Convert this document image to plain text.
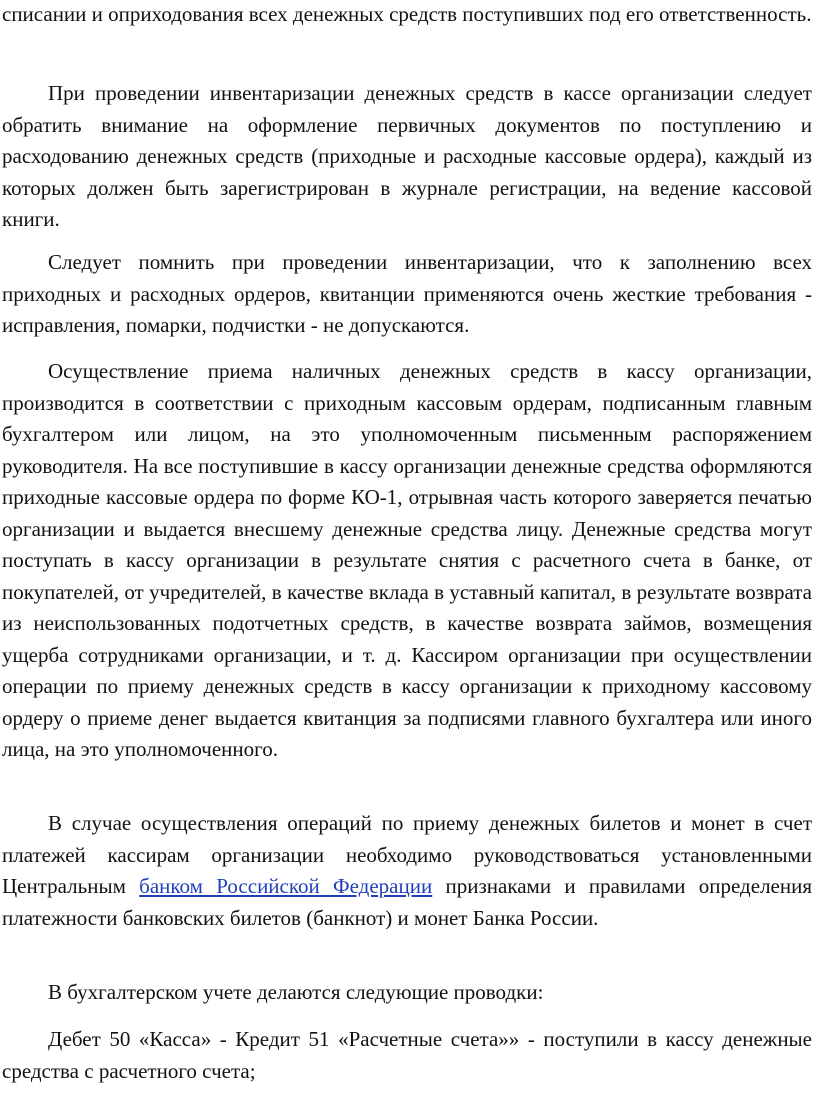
списании и оприходования всех денежных средств поступивших под его ответственность.

При проведении инвентаризации денежных средств в кассе организации следует обратить внимание на оформление первичных документов по поступлению и расходованию денежных средств (приходные и расходные кассовые ордера), каждый из которых должен быть зарегистрирован в журнале регистрации, на ведение кассовой книги.

Следует помнить при проведении инвентаризации, что к заполнению всех приходных и расходных ордеров, квитанции применяются очень жесткие требования - исправления, помарки, подчистки - не допускаются.

Осуществление приема наличных денежных средств в кассу организации, производится в соответствии с приходным кассовым ордерам, подписанным главным бухгалтером или лицом, на это уполномоченным письменным распоряжением руководителя. На все поступившие в кассу организации денежные средства оформляются приходные кассовые ордера по форме КО-1, отрывная часть которого заверяется печатью организации и выдается внесшему денежные средства лицу. Денежные средства могут поступать в кассу организации в результате снятия с расчетного счета в банке, от покупателей, от учредителей, в качестве вклада в уставный капитал, в результате возврата из неиспользованных подотчетных средств, в качестве возврата займов, возмещения ущерба сотрудниками организации, и т. д. Кассиром организации при осуществлении операции по приему денежных средств в кассу организации к приходному кассовому ордеру о приеме денег выдается квитанция за подписями главного бухгалтера или иного лица, на это уполномоченного.

В случае осуществления операций по приему денежных билетов и монет в счет платежей кассирам организации необходимо руководствоваться установленными Центральным банком Российской Федерации признаками и правилами определения платежности банковских билетов (банкнот) и монет Банка России.

В бухгалтерском учете делаются следующие проводки:

Дебет 50 «Касса» - Кредит 51 «Расчетные счета»» - поступили в кассу денежные средства с расчетного счета;
